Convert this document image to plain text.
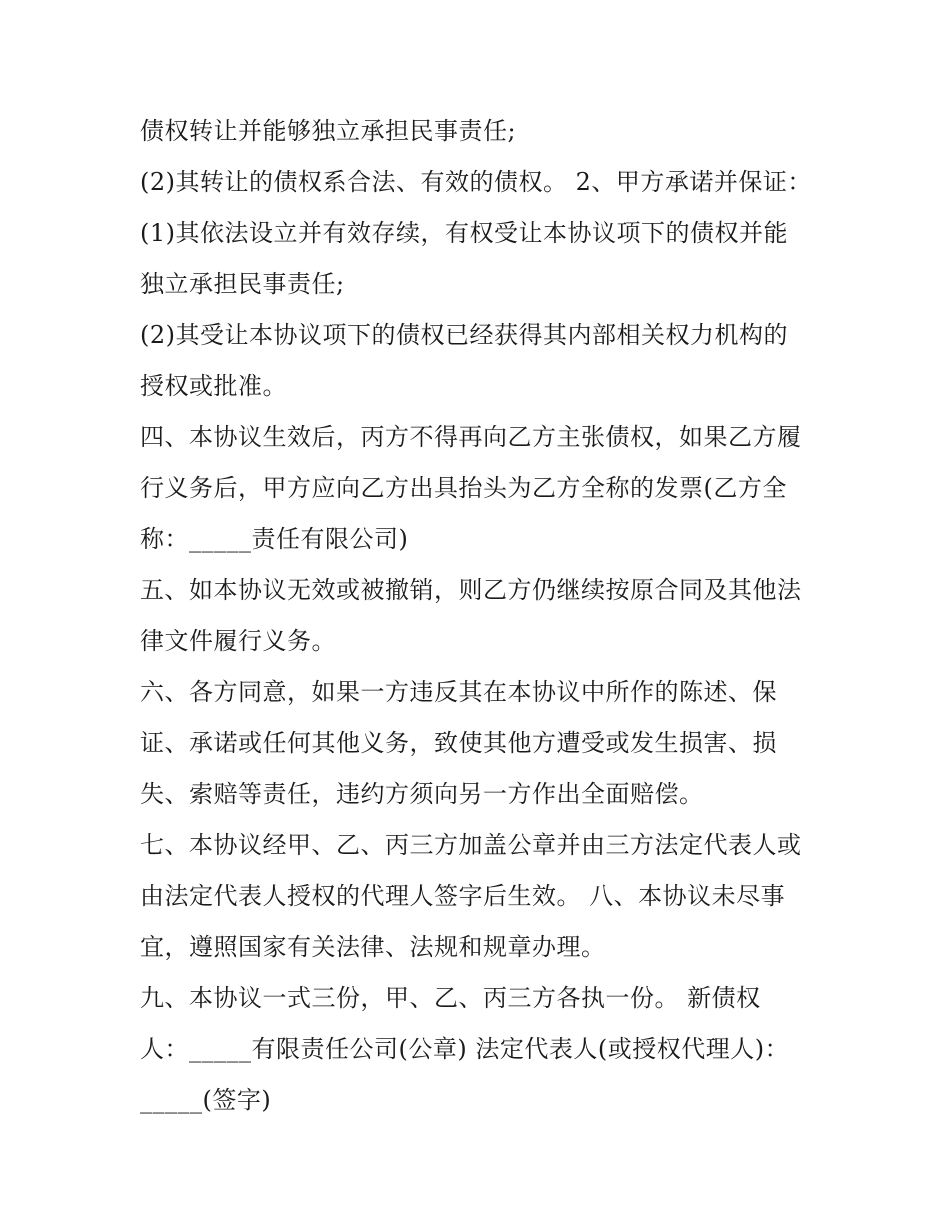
债权转让并能够独立承担民事责任;
(2)其转让的债权系合法、有效的债权。 2、甲方承诺并保证：
(1)其依法设立并有效存续，有权受让本协议项下的债权并能
独立承担民事责任;
(2)其受让本协议项下的债权已经获得其内部相关权力机构的
授权或批准。
四、本协议生效后，丙方不得再向乙方主张债权，如果乙方履
行义务后，甲方应向乙方出具抬头为乙方全称的发票(乙方全
称：_____责任有限公司)
五、如本协议无效或被撤销，则乙方仍继续按原合同及其他法
律文件履行义务。
六、各方同意，如果一方违反其在本协议中所作的陈述、保
证、承诺或任何其他义务，致使其他方遭受或发生损害、损
失、索赔等责任，违约方须向另一方作出全面赔偿。
七、本协议经甲、乙、丙三方加盖公章并由三方法定代表人或
由法定代表人授权的代理人签字后生效。 八、本协议未尽事
宜，遵照国家有关法律、法规和规章办理。
九、本协议一式三份，甲、乙、丙三方各执一份。 新债权
人：_____有限责任公司(公章) 法定代表人(或授权代理人)：
_____(签字)
